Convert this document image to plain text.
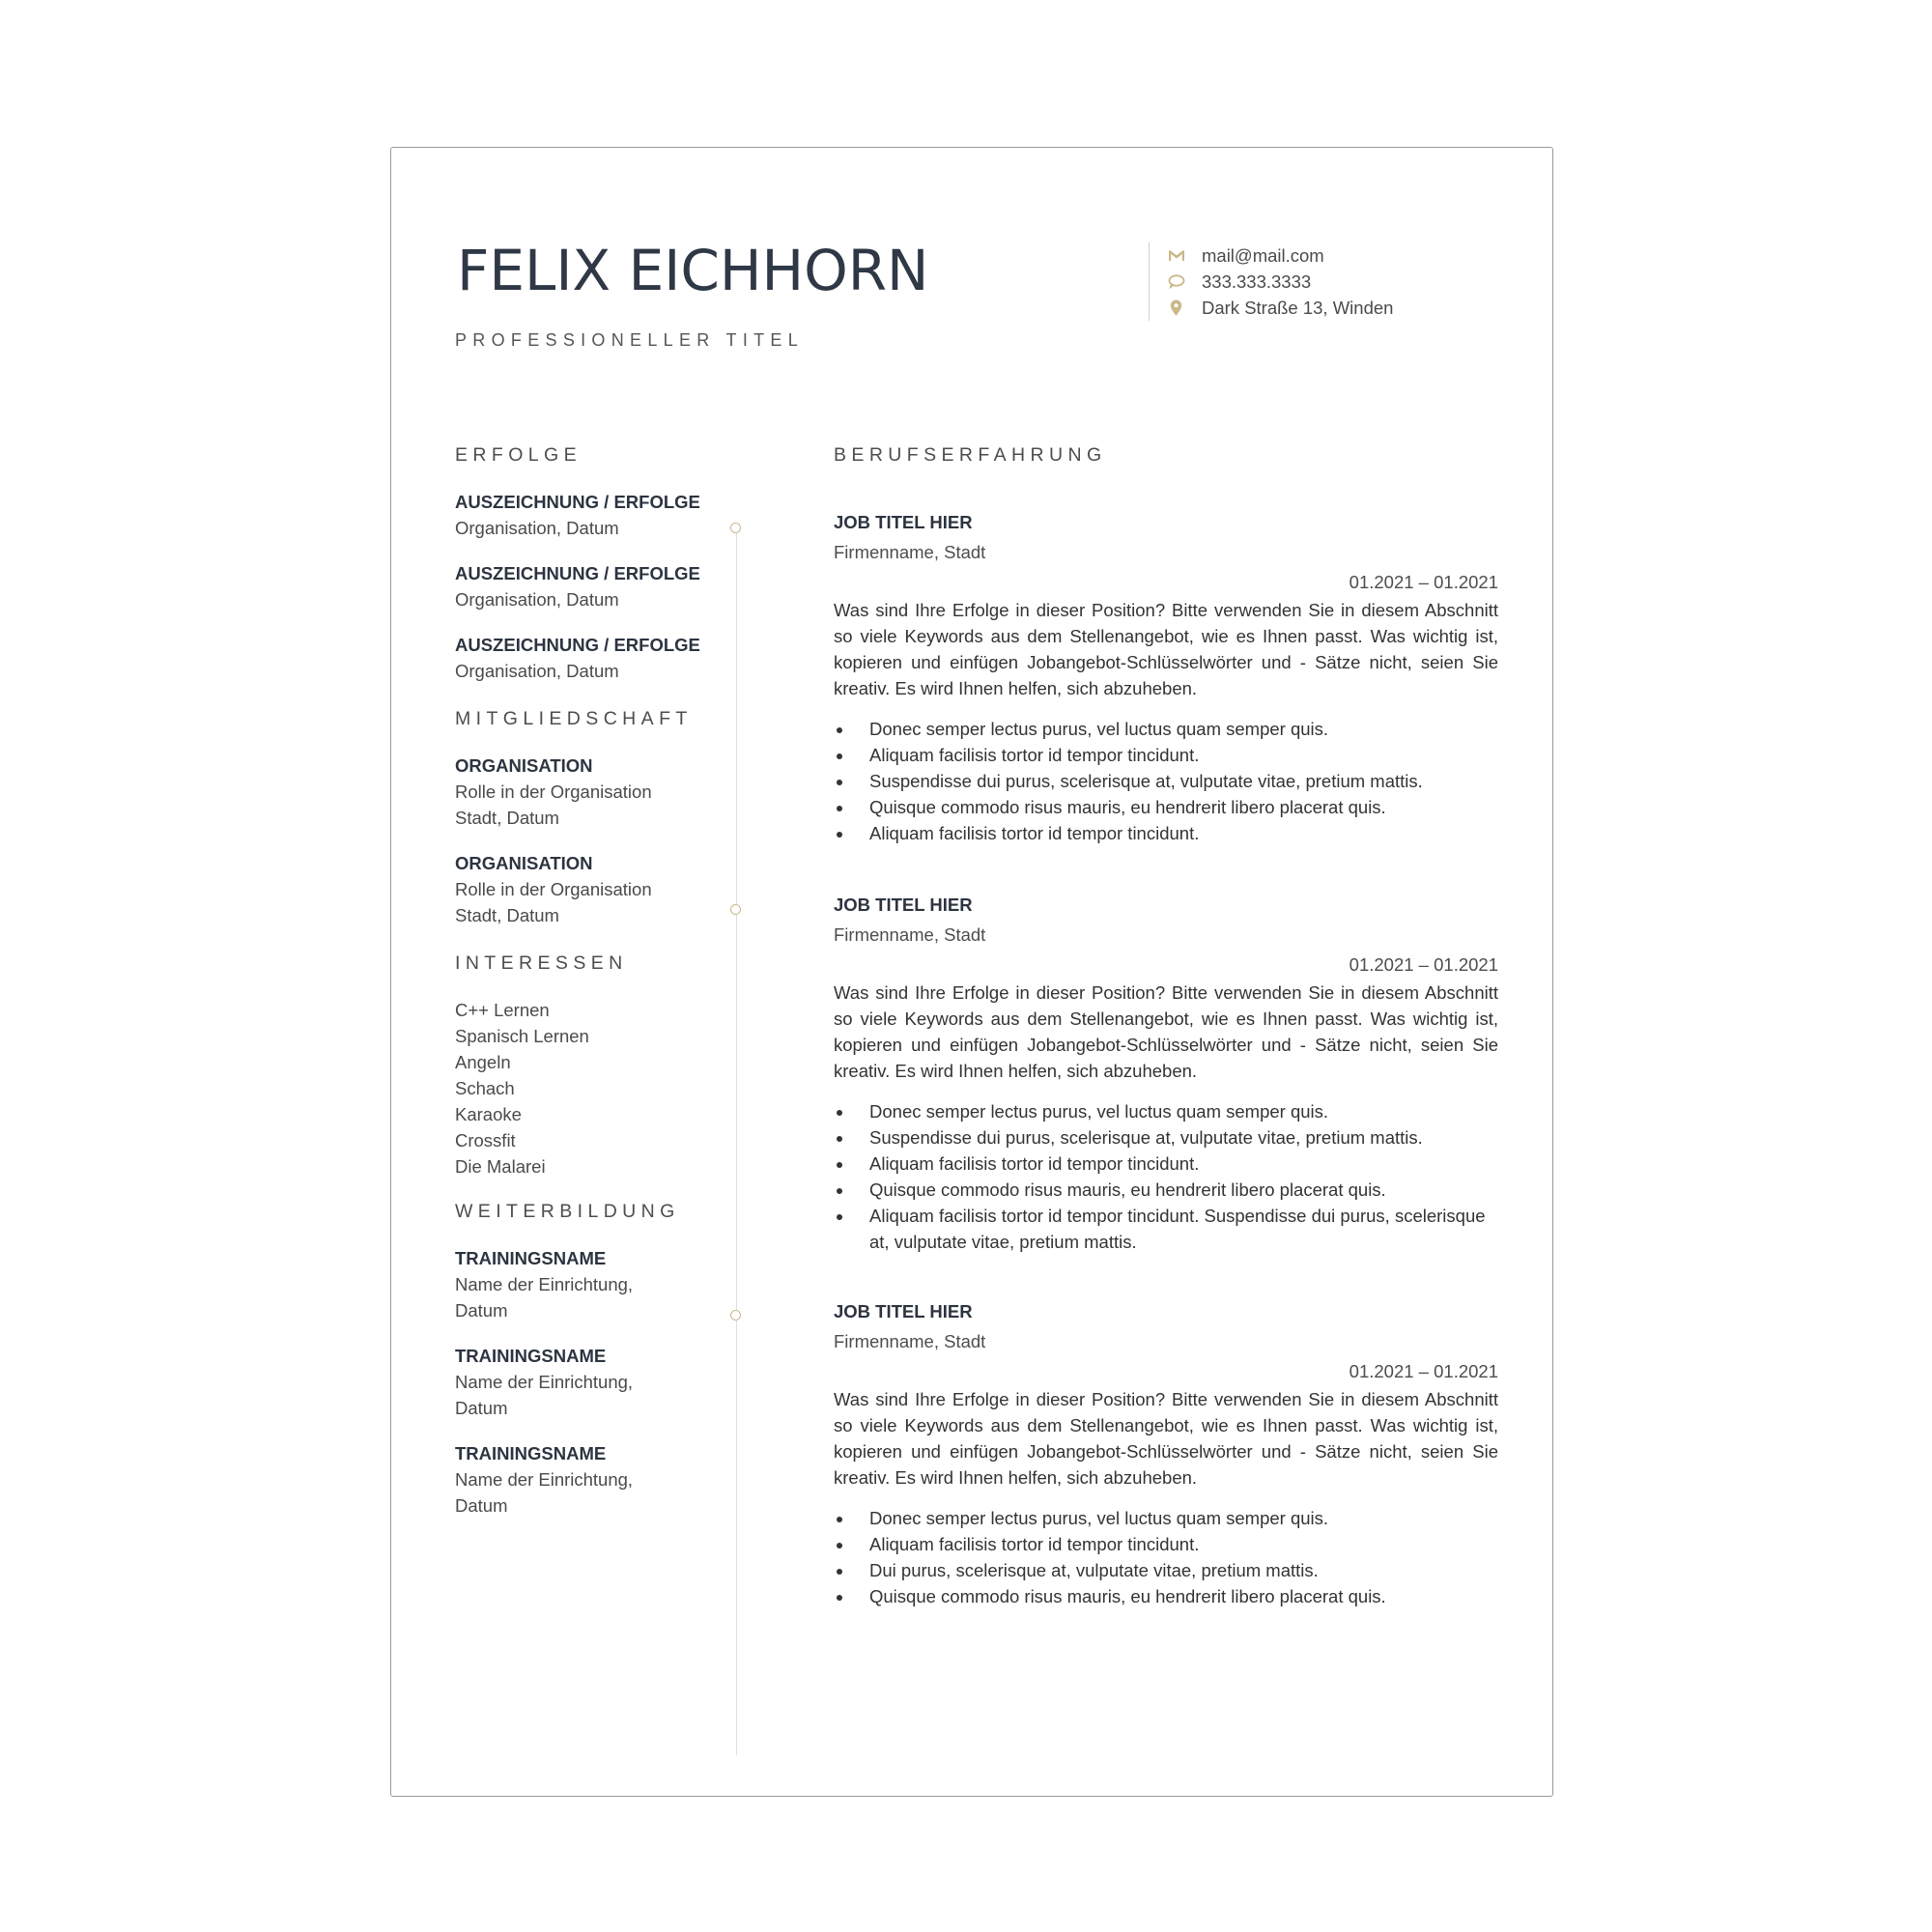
FELIX EICHHORN
PROFESSIONELLER TITEL
mail@mail.com
333.333.3333
Dark Straße 13, Winden
ERFOLGE
AUSZEICHNUNG / ERFOLGE
Organisation, Datum
AUSZEICHNUNG / ERFOLGE
Organisation, Datum
AUSZEICHNUNG / ERFOLGE
Organisation, Datum
MITGLIEDSCHAFT
ORGANISATION
Rolle in der Organisation
Stadt, Datum
ORGANISATION
Rolle in der Organisation
Stadt, Datum
INTERESSEN
C++ Lernen
Spanisch Lernen
Angeln
Schach
Karaoke
Crossfit
Die Malarei
WEITERBILDUNG
TRAININGSNAME
Name der Einrichtung,
Datum
TRAININGSNAME
Name der Einrichtung,
Datum
TRAININGSNAME
Name der Einrichtung,
Datum
BERUFSERFAHRUNG
JOB TITEL HIER
Firmenname, Stadt
01.2021 – 01.2021

Was sind Ihre Erfolge in dieser Position? Bitte verwenden Sie in diesem Abschnitt so viele Keywords aus dem Stellenangebot, wie es Ihnen passt. Was wichtig ist, kopieren und einfügen Jobangebot-Schlüsselwörter und - Sätze nicht, seien Sie kreativ. Es wird Ihnen helfen, sich abzuheben.

Donec semper lectus purus, vel luctus quam semper quis.
Aliquam facilisis tortor id tempor tincidunt.
Suspendisse dui purus, scelerisque at, vulputate vitae, pretium mattis.
Quisque commodo risus mauris, eu hendrerit libero placerat quis.
Aliquam facilisis tortor id tempor tincidunt.
JOB TITEL HIER
Firmenname, Stadt
01.2021 – 01.2021

Was sind Ihre Erfolge in dieser Position? Bitte verwenden Sie in diesem Abschnitt so viele Keywords aus dem Stellenangebot, wie es Ihnen passt. Was wichtig ist, kopieren und einfügen Jobangebot-Schlüsselwörter und - Sätze nicht, seien Sie kreativ. Es wird Ihnen helfen, sich abzuheben.

Donec semper lectus purus, vel luctus quam semper quis.
Suspendisse dui purus, scelerisque at, vulputate vitae, pretium mattis.
Aliquam facilisis tortor id tempor tincidunt.
Quisque commodo risus mauris, eu hendrerit libero placerat quis.
Aliquam facilisis tortor id tempor tincidunt. Suspendisse dui purus, scelerisque at, vulputate vitae, pretium mattis.
JOB TITEL HIER
Firmenname, Stadt
01.2021 – 01.2021

Was sind Ihre Erfolge in dieser Position? Bitte verwenden Sie in diesem Abschnitt so viele Keywords aus dem Stellenangebot, wie es Ihnen passt. Was wichtig ist, kopieren und einfügen Jobangebot-Schlüsselwörter und - Sätze nicht, seien Sie kreativ. Es wird Ihnen helfen, sich abzuheben.

Donec semper lectus purus, vel luctus quam semper quis.
Aliquam facilisis tortor id tempor tincidunt.
Dui purus, scelerisque at, vulputate vitae, pretium mattis.
Quisque commodo risus mauris, eu hendrerit libero placerat quis.
